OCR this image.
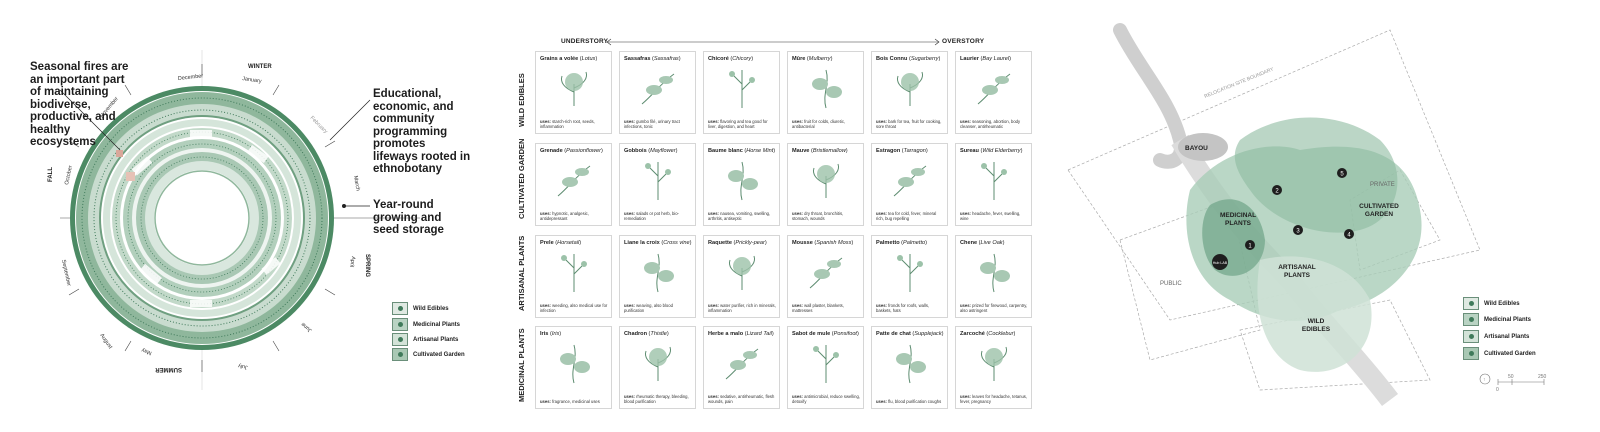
December	January
February
November
October
September
August
July
June
March
April
May
WINTER
FALL
SPRING
SUMMER
Seasonal fires are an important part of maintaining biodiverse, productive, and healthy ecosystems
Educational, economic, and community programming promotes lifeways rooted in ethnobotany
Year-round growing and seed storage
Wild Edibles
Medicinal Plants
Artisanal Plants
Cultivated Garden
UNDERSTORY	OVERSTORY
WILD EDIBLES
Grains a volée (Lotus)
uses: starch-rich root, seeds, inflammation
Sassafras (Sassafras)
uses: gumbo filé, urinary tract infections, tonic
Chicoré (Chicory)
uses: flavoring and tea good for liver, digestion, and heart
Mûre (Mulberry)
uses: fruit for colds, diuretic, antibacterial
Bois Connu (Sugarberry)
uses: bark for tea, fruit for cooking, sore throat
Laurier (Bay Laurel)
uses: seasoning, abortion, body cleanser, antirheumatic
CULTIVATED GARDEN	Grenade (Passionflower)
uses: hypnotic, analgesic, antidepressant
Gobbois (Mayflower)
uses: salads or pot herb, bio-remediation
Baume blanc (Horse Mint)
uses: nausea, vomiting, swelling, arthritis, antiseptic
Mauve (Bristlemallow)
uses: dry throat, bronchitis, stomach, wounds
Estragon (Tarragon)
uses: tea for cold, fever, mineral rich, bug repelling
Sureau (Wild Elderberry)
uses: headache, fever, swelling, wine
ARTISANAL PLANTS	Prele (Horsetail)
uses: weeding, also medical use for infection
Liane la croix (Cross vine)
uses: weaving, also blood purification
Raquette (Prickly-pear)
uses: water purifier, rich in minerals, inflammation
Mousse (Spanish Moss)
uses: wall plaster, blankets, mattresses
Palmetto (Palmetto)
uses: fronds for roofs, walls, baskets, hats
Chene (Live Oak)
uses: prized for firewood, carpentry, also astringent
MEDICINAL PLANTS	Iris (Iris)
uses: fragrance, medicinal uses
Chadron (Thistle)
uses: rheumatic therapy, bleeding, blood purification
Herbe a malo (Lizard Tail)
uses: sedative, antirheumatic, flesh wounds, pain
Sabot de mule (Ponsifoot)
uses: antimicrobial, reduce swelling, detoxify
Patte de chat (Supplejack)
uses: flu, blood purification coughs
Zarcoché (Cocklebur)
uses: leaves for headache, tetanus, fever, pregnancy
1
2
3
4
5
Hub LAB
RELOCATION SITE BOUNDARY
BAYOU
MEDICINAL PLANTS
CULTIVATED GARDEN
ARTISANAL PLANTS
WILD EDIBLES
PUBLIC
PRIVATE
Wild Edibles
Medicinal Plants
Artisanal Plants
Cultivated Garden
↑
0
50	250
